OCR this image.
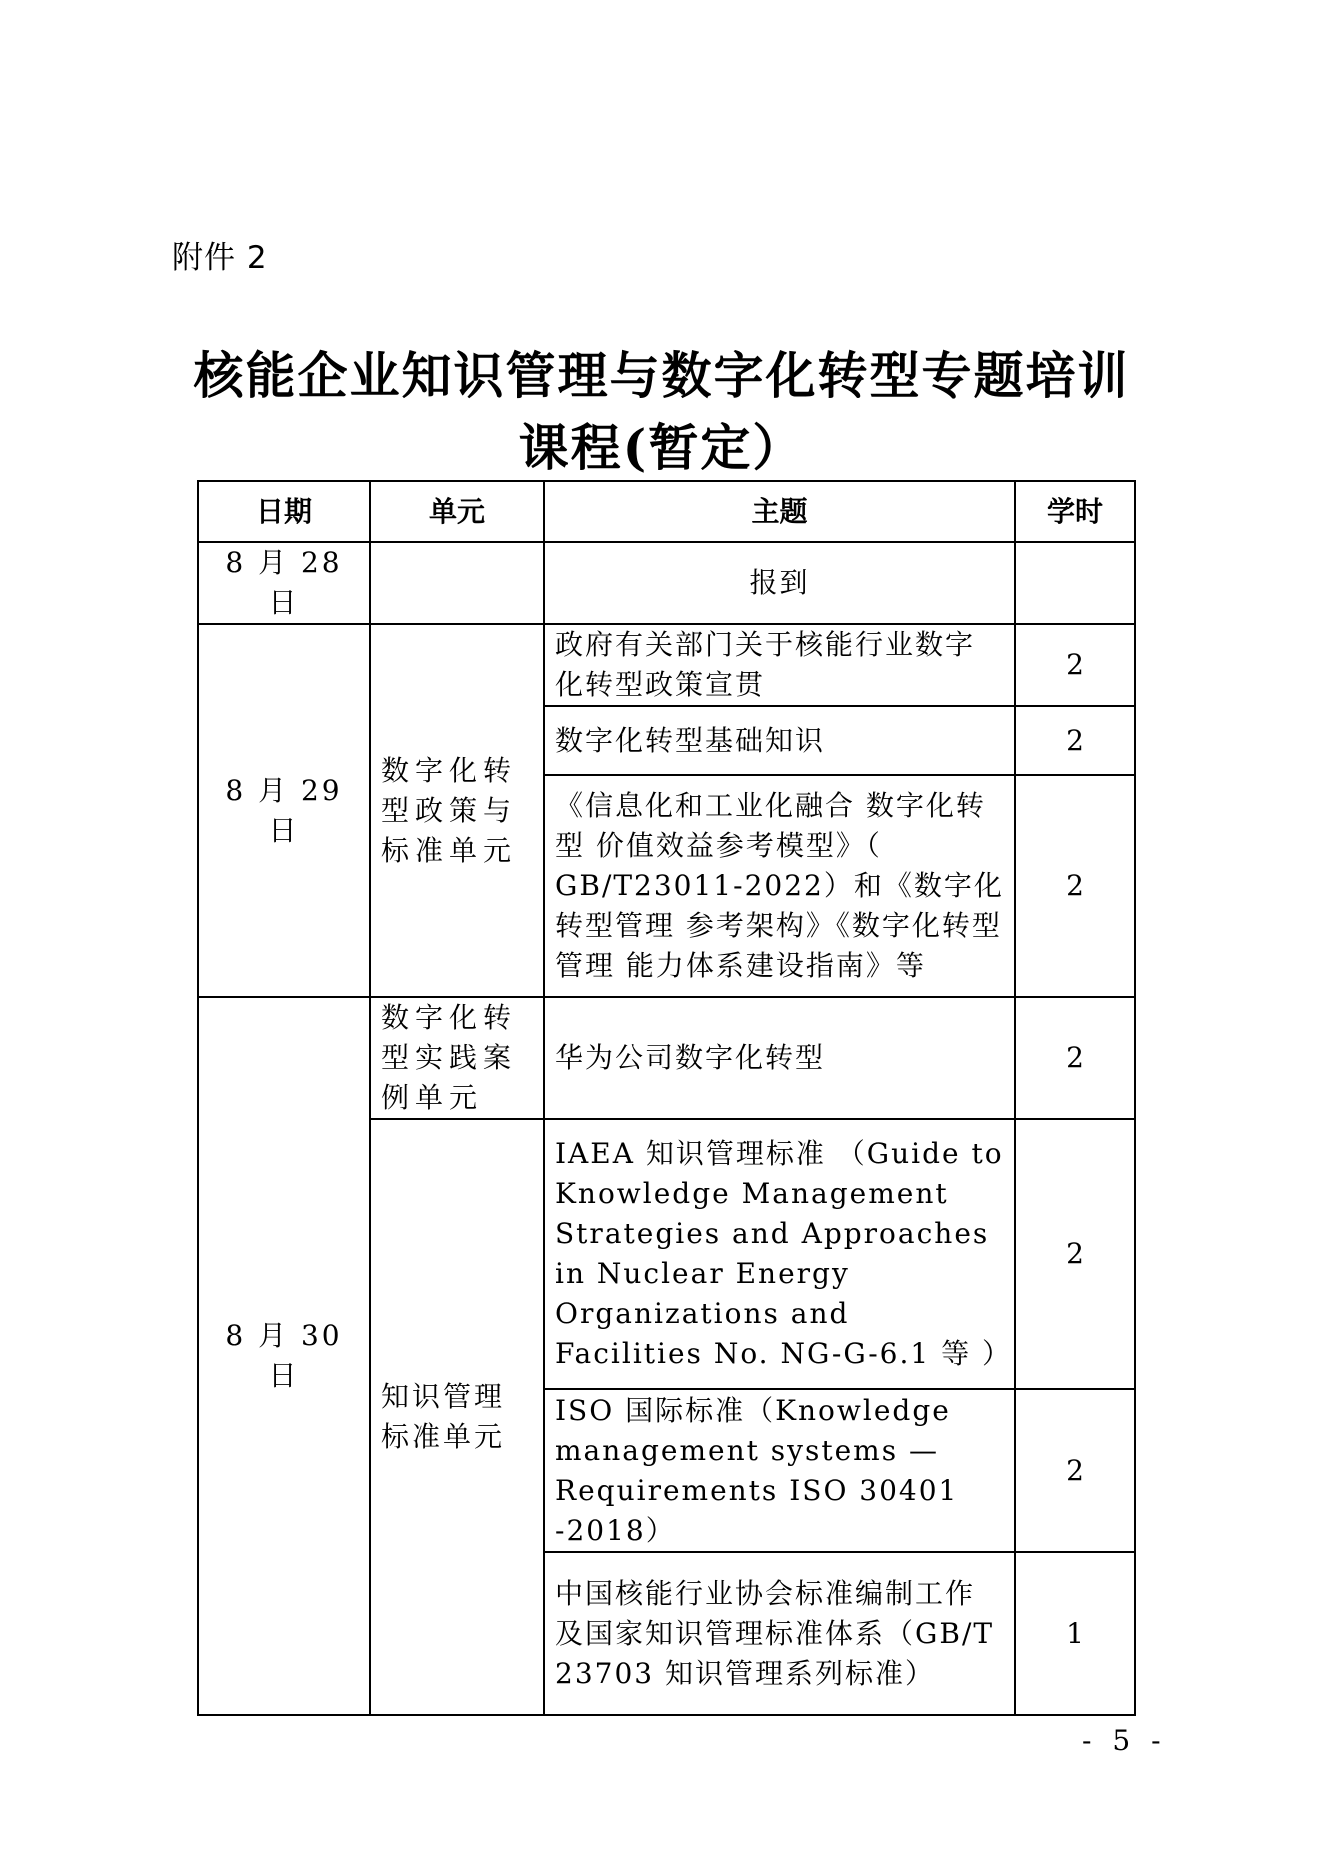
附件 2
核能企业知识管理与数字化转型专题培训
课程(暂定）
日期	单元	主题	学时
8 月 28 日		报到	
8 月 29 日	数字化转型政策与标准单元	政府有关部门关于核能行业数字化转型政策宣贯	2
		数字化转型基础知识	2
		《信息化和工业化融合 数字化转型 价值效益参考模型》（ GB/T23011-2022）和《数字化转型管理 参考架构》《数字化转型管理 能力体系建设指南》等	2
8 月 30 日	数字化转型实践案例单元	华为公司数字化转型	2
	知识管理标准单元	IAEA 知识管理标准 （Guide to Knowledge Management Strategies and Approaches in Nuclear Energy Organizations and Facilities No. NG-G-6.1 等 ）	2
		ISO 国际标准（Knowledge management systems — Requirements ISO 30401 -2018）	2
		中国核能行业协会标准编制工作及国家知识管理标准体系（GB/T 23703 知识管理系列标准）	1
- 5 -
